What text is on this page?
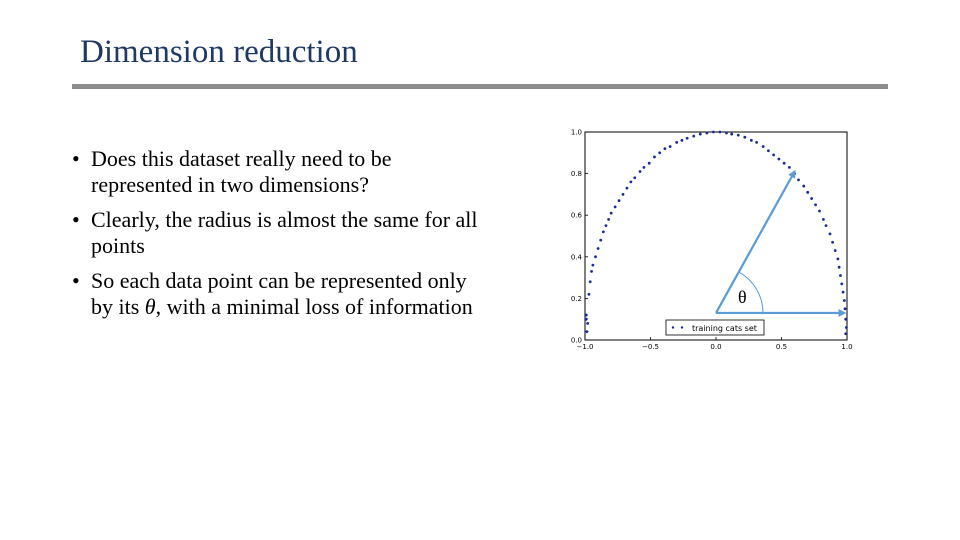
Dimension reduction
• Does this dataset really need to be represented in two dimensions?
• Clearly, the radius is almost the same for all points
• So each data point can be represented only by its θ, with a minimal loss of information
0.0
0.2
0.4
0.6
0.8
1.0
−1.0	−0.5	0.0	0.5	1.0
θ
training cats set
